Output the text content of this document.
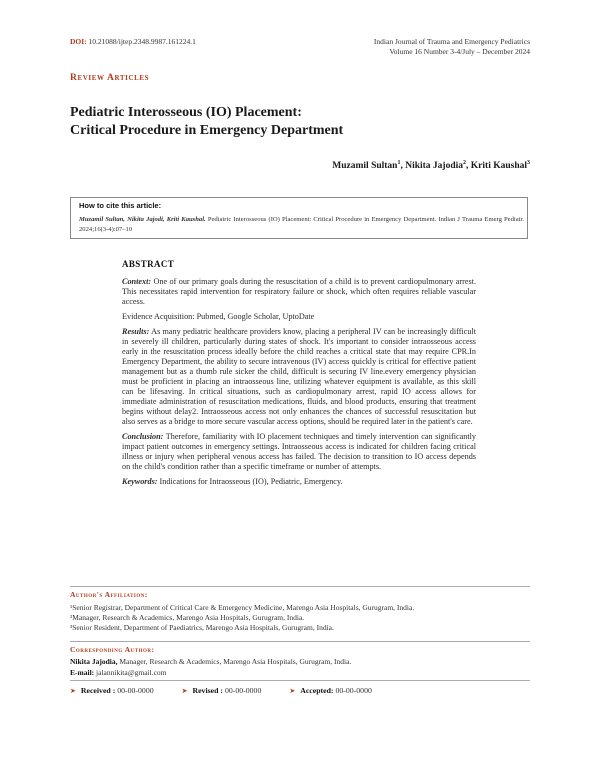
DOI: 10.21088/ijtep.2348.9987.161224.1	Indian Journal of Trauma and Emergency Pediatrics
Volume 16 Number 3-4/July – December 2024
Review Articles
Pediatric Interosseous (IO) Placement:
Critical Procedure in Emergency Department
Muzamil Sultan$^1$, Nikita Jajodia$^2$, Kriti Kaushal$^3$
How to cite this article:
Muzamil Sultan, Nikita Jajodi, Kriti Kaushal. Pediatric Interosseous (IO) Placement: Critical Procedure in Emergency Department. Indian J Trauma Emerg Pediatr. 2024;16(3-4):07–10
ABSTRACT

Context: One of our primary goals during the resuscitation of a child is to prevent cardiopulmonary arrest. This necessitates rapid intervention for respiratory failure or shock, which often requires reliable vascular access.

Evidence Acquisition: Pubmed, Google Scholar, UptoDate

Results: As many pediatric healthcare providers know, placing a peripheral IV can be increasingly difficult in severely ill children, particularly during states of shock. It's important to consider intraosseous access early in the resuscitation process ideally before the child reaches a critical state that may require CPR.In Emergency Department, the ability to secure intravenous (IV) access quickly is critical for effective patient management but as a thumb rule sicker the child, difficult is securing IV line.every emergency physician must be proficient in placing an intraosseous line, utilizing whatever equipment is available, as this skill can be lifesaving. In critical situations, such as cardiopulmonary arrest, rapid IO access allows for immediate administration of resuscitation medications, fluids, and blood products, ensuring that treatment begins without delay2. Intraosseous access not only enhances the chances of successful resuscitation but also serves as a bridge to more secure vascular access options, should be required later in the patient's care.

Conclusion: Therefore, familiarity with IO placement techniques and timely intervention can significantly impact patient outcomes in emergency settings. Intraosseous access is indicated for children facing critical illness or injury when peripheral venous access has failed. The decision to transition to IO access depends on the child's condition rather than a specific timeframe or number of attempts.

Keywords: Indications for Intraosseous (IO), Pediatric, Emergency.

Author's Affiliation:
¹Senior Registrar, Department of Critical Care & Emergency Medicine, Marengo Asia Hospitals, Gurugram, India.
²Manager, Research & Academics, Marengo Asia Hospitals, Gurugram, India.
³Senior Resident, Department of Paediatrics, Marengo Asia Hospitals, Gurugram, India.
Corresponding Author:
Nikita Jajodia, Manager, Research & Academics, Marengo Asia Hospitals, Gurugram, India.
E-mail: jalannikita@gmail.com
➤ Received : 00-00-0000	➤ Revised : 00-00-0000	➤ Accepted: 00-00-0000
